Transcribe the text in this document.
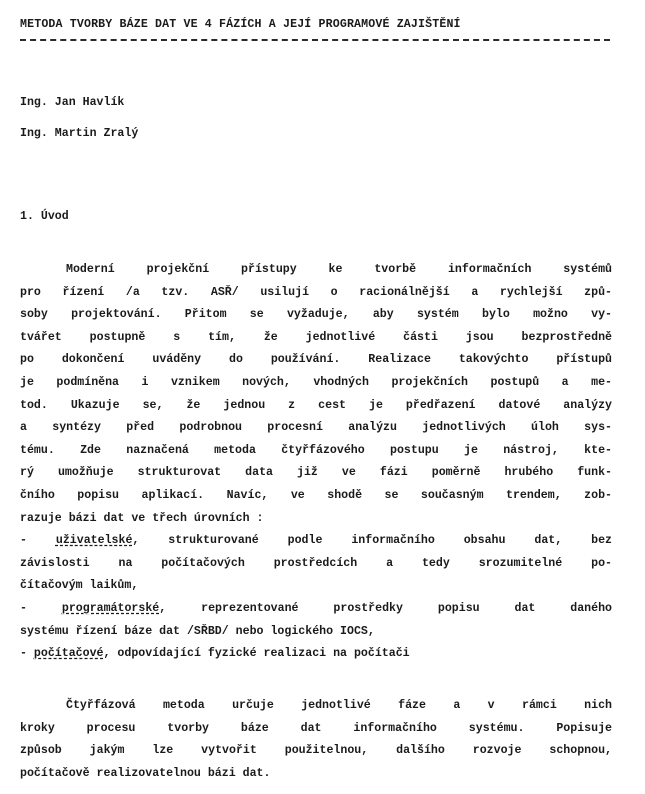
METODA TVORBY BÁZE DAT VE 4 FÁZÍCH A JEJÍ PROGRAMOVÉ ZAJIŠTĚNÍ
Ing. Jan Havlík
Ing. Martin Zralý
1. Úvod
Moderní projekční přístupy ke tvorbě informačních systémů
pro řízení /a tzv. ASŘ/ usilují o racionálnější a rychlejší způ-
soby projektování. Přitom se vyžaduje, aby systém bylo možno vy-
tvářet postupně s tím, že jednotlivé části jsou bezprostředně
po dokončení uváděny do používání. Realizace takovýchto přístupů
je podmíněna i vznikem nových, vhodných projekčních postupů a me-
tod. Ukazuje se, že jednou z cest je předřazení datové analýzy
a syntézy před podrobnou procesní analýzu jednotlivých úloh sys-
tému. Zde naznačená metoda čtyřfázového postupu je nástroj, kte-
rý umožňuje strukturovat data již ve fázi poměrně hrubého funk-
čního popisu aplikací. Navíc, ve shodě se současným trendem, zob-
razuje bázi dat ve třech úrovních :
- uživatelské, strukturované podle informačního obsahu dat, bez
závislosti na počítačových prostředcích a tedy srozumitelné po-
čítačovým laikům,
- programátorské, reprezentované prostředky popisu dat daného
systému řízení báze dat /SŘBD/ nebo logického IOCS,
- počítačové, odpovídající fyzické realizaci na počítači
Čtyřfázová metoda určuje jednotlivé fáze a v rámci nich
kroky procesu tvorby báze dat informačního systému. Popisuje
způsob jakým lze vytvořit použitelnou, dalšího rozvoje schopnou,
počítačově realizovatelnou bázi dat.
